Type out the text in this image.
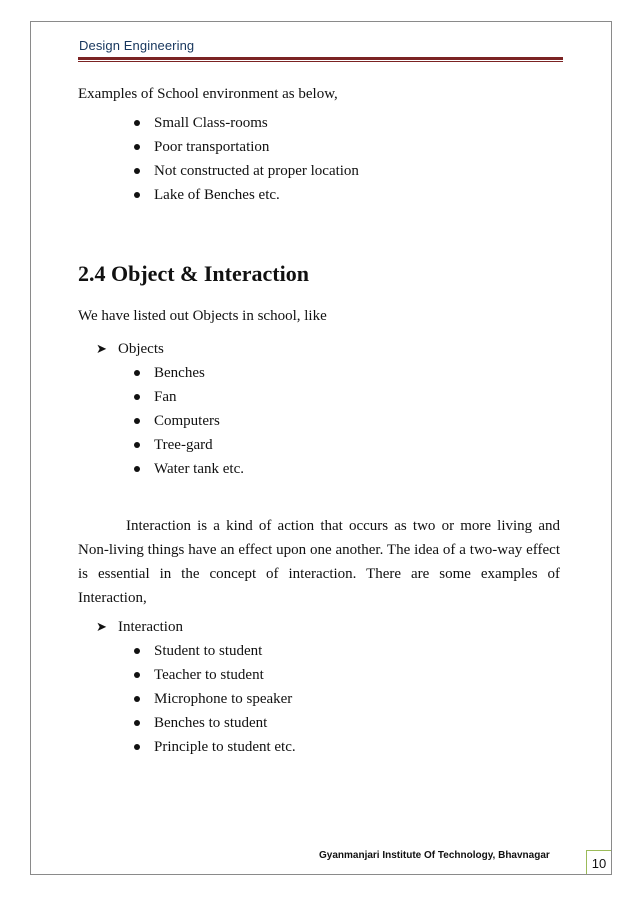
Design Engineering
Examples of School environment as below,
Small Class-rooms
Poor transportation
Not constructed at proper location
Lake of Benches etc.
2.4 Object & Interaction
We have listed out Objects in school, like
➤ Objects
Benches
Fan
Computers
Tree-gard
Water tank etc.

Interaction is a kind of action that occurs as two or more living and Non-living things have an effect upon one another. The idea of a two-way effect is essential in the concept of interaction. There are some examples of Interaction,

➤ Interaction
Student to student
Teacher to student
Microphone to speaker
Benches to student
Principle to student etc.
Gyanmanjari Institute Of Technology, Bhavnagar
10
